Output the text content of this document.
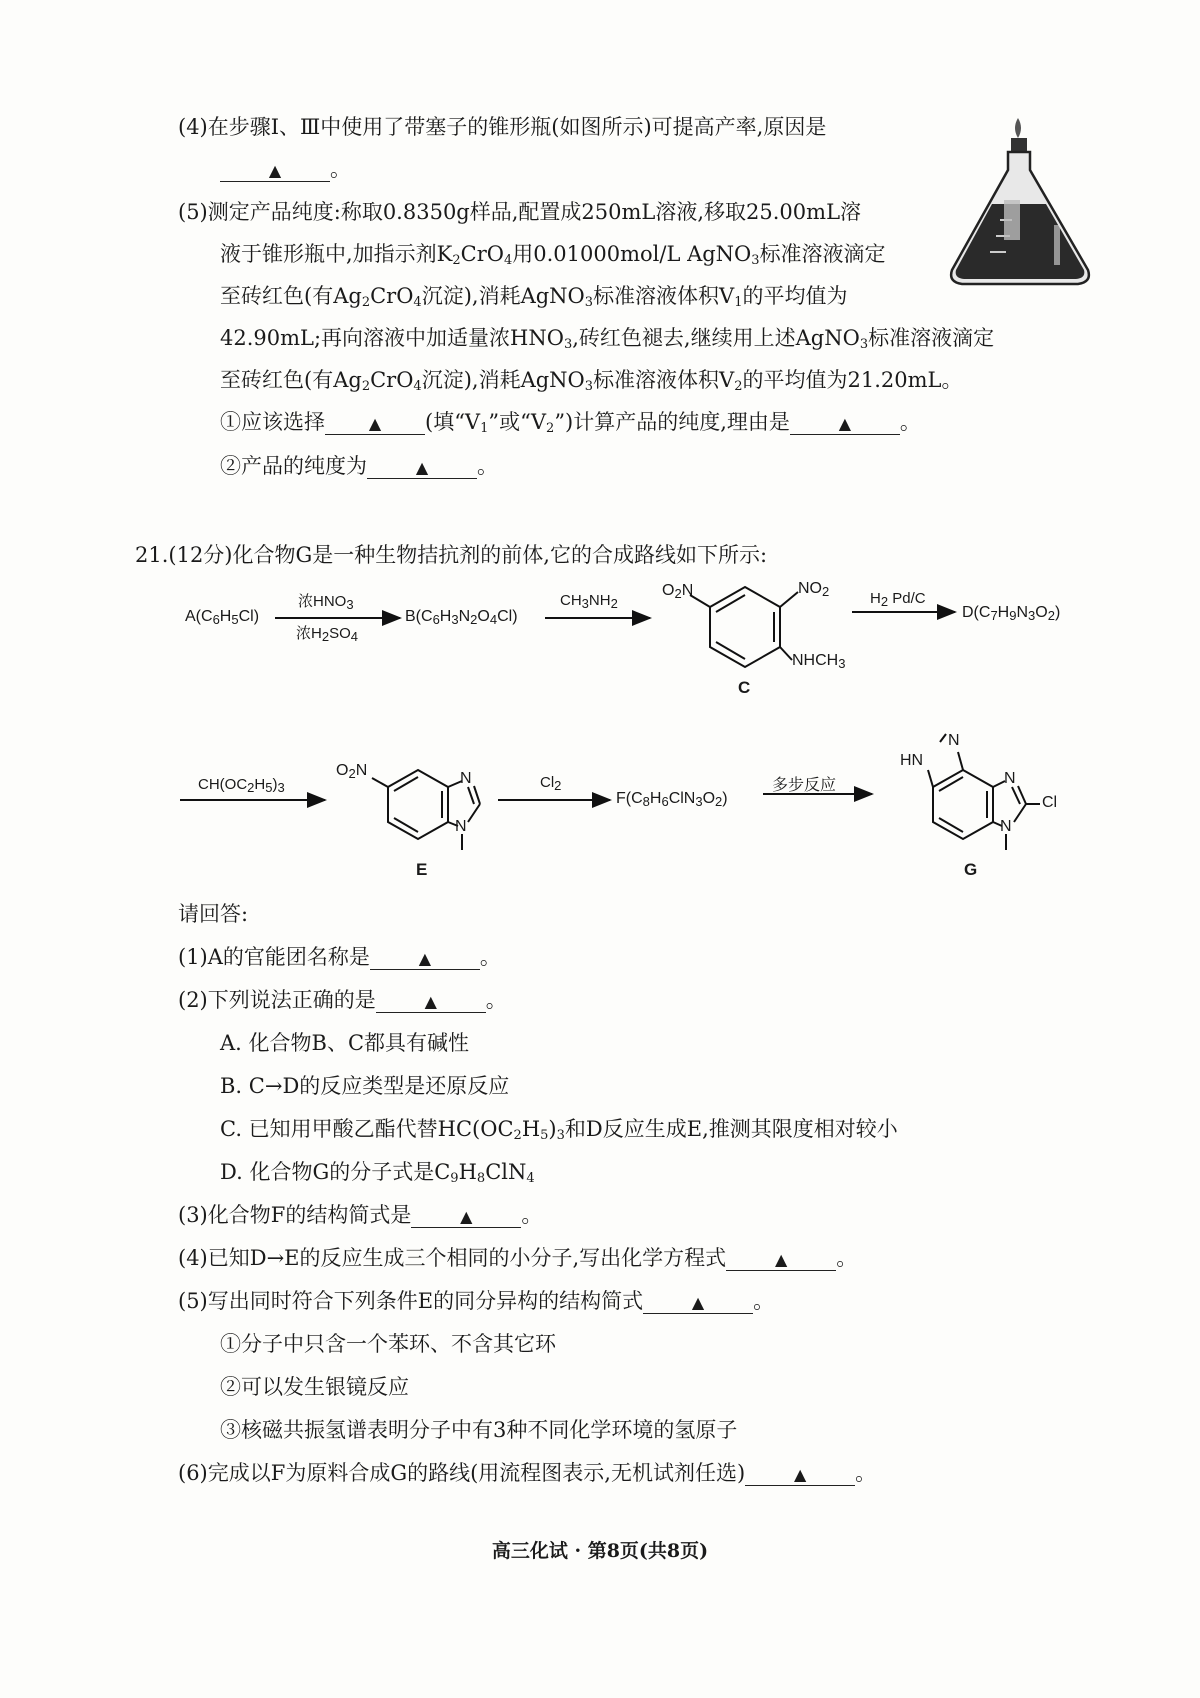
(4)在步骤Ⅰ、Ⅲ中使用了带塞子的锥形瓶(如图所示)可提高产率,原因是
▲ 。
(5)测定产品纯度:称取0.8350g样品,配置成250mL溶液,移取25.00mL溶
液于锥形瓶中,加指示剂$K_2CrO_4$用0.01000mol/L AgNO$_3$标准溶液滴定
至砖红色(有$Ag_2CrO_4$沉淀),消耗AgNO$_3$标准溶液体积$V_1$的平均值为
42.90mL;再向溶液中加适量浓$HNO_3$,砖红色褪去,继续用上述AgNO$_3$标准溶液滴定
至砖红色(有$Ag_2CrO_4$沉淀),消耗AgNO$_3$标准溶液体积$V_2$的平均值为21.20mL。
①应该选择	▲ (填“$V_1$”或“$V_2$”)计算产品的纯度,理由是	▲ 。
②产品的纯度为	▲ 。
21.(12分)化合物G是一种生物拮抗剂的前体,它的合成路线如下所示:
$A(C_6H_5Cl)$
浓$HNO_3$
浓$H_2SO_4$
$B(C_6H_3N_2O_4Cl)$
$CH_3NH_2$
$O_2N$	$NO_2$
$NHCH_3$
C
$H_2$ Pd/C
$D(C_7H_9N_3O_2)$
$CH(OC_2H_5)_3$
$O_2N$	N
N
E
$Cl_2$
$F(C_8H_6ClN_3O_2)$
多步反应
HN
N
N
N
Cl
G
请回答:
(1)A的官能团名称是	▲ 。
(2)下列说法正确的是	▲ 。
A. 化合物B、C都具有碱性
B. C→D的反应类型是还原反应
C. 已知用甲酸乙酯代替$HC(OC_2H_5)_3$和D反应生成E,推测其限度相对较小
D. 化合物G的分子式是$C_9H_8ClN_4$
(3)化合物F的结构简式是	▲ 。
(4)已知D→E的反应生成三个相同的小分子,写出化学方程式	▲ 。
(5)写出同时符合下列条件E的同分异构的结构简式	▲ 。
①分子中只含一个苯环、不含其它环
②可以发生银镜反应
③核磁共振氢谱表明分子中有3种不同化学环境的氢原子
(6)完成以F为原料合成G的路线(用流程图表示,无机试剂任选)	▲ 。
高三化试 · 第8页(共8页)
